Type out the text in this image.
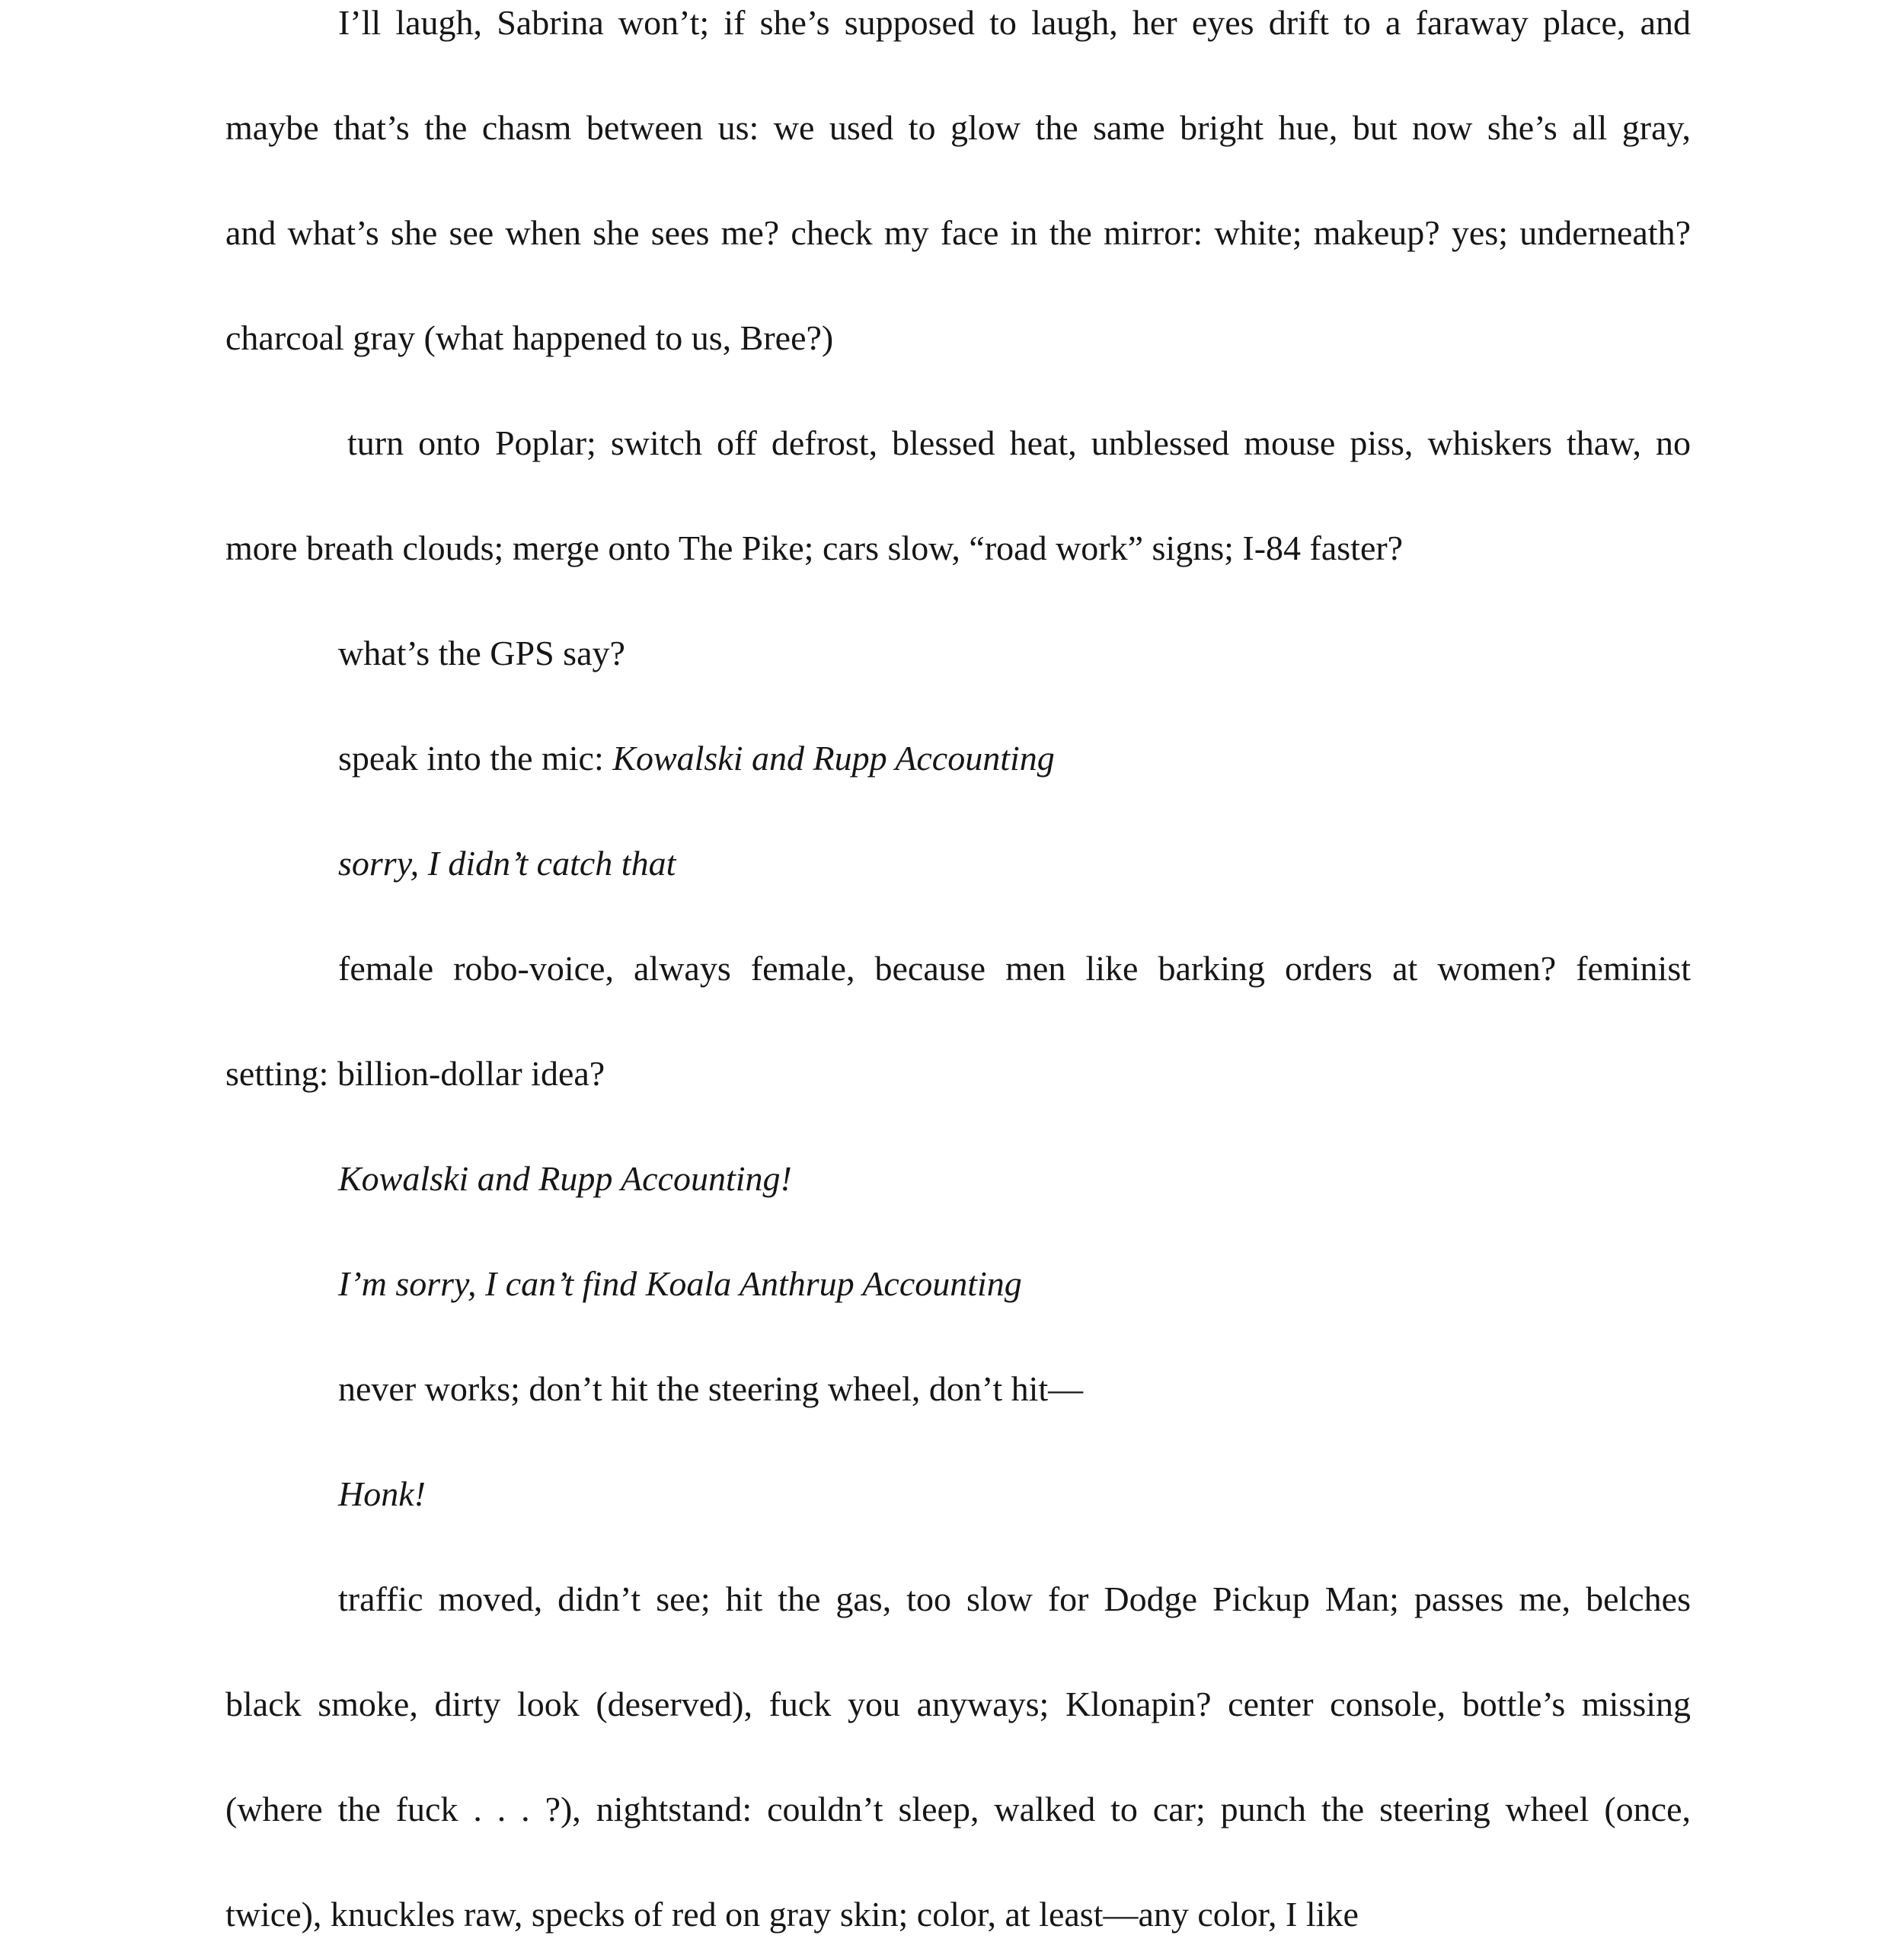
I’ll laugh, Sabrina won’t; if she’s supposed to laugh, her eyes drift to a faraway place, and
maybe that’s the chasm between us: we used to glow the same bright hue, but now she’s all gray,
and what’s she see when she sees me? check my face in the mirror: white; makeup? yes; underneath?
charcoal gray (what happened to us, Bree?)
turn onto Poplar; switch off defrost, blessed heat, unblessed mouse piss, whiskers thaw, no
more breath clouds; merge onto The Pike; cars slow, “road work” signs; I-84 faster?
what’s the GPS say?
speak into the mic: Kowalski and Rupp Accounting
sorry, I didn’t catch that
female robo-voice, always female, because men like barking orders at women? feminist
setting: billion-dollar idea?
Kowalski and Rupp Accounting!
I’m sorry, I can’t find Koala Anthrup Accounting
never works; don’t hit the steering wheel, don’t hit—
Honk!
traffic moved, didn’t see; hit the gas, too slow for Dodge Pickup Man; passes me, belches
black smoke, dirty look (deserved), fuck you anyways; Klonapin? center console, bottle’s missing
(where the fuck . . . ?), nightstand: couldn’t sleep, walked to car; punch the steering wheel (once,
twice), knuckles raw, specks of red on gray skin; color, at least—any color, I like
